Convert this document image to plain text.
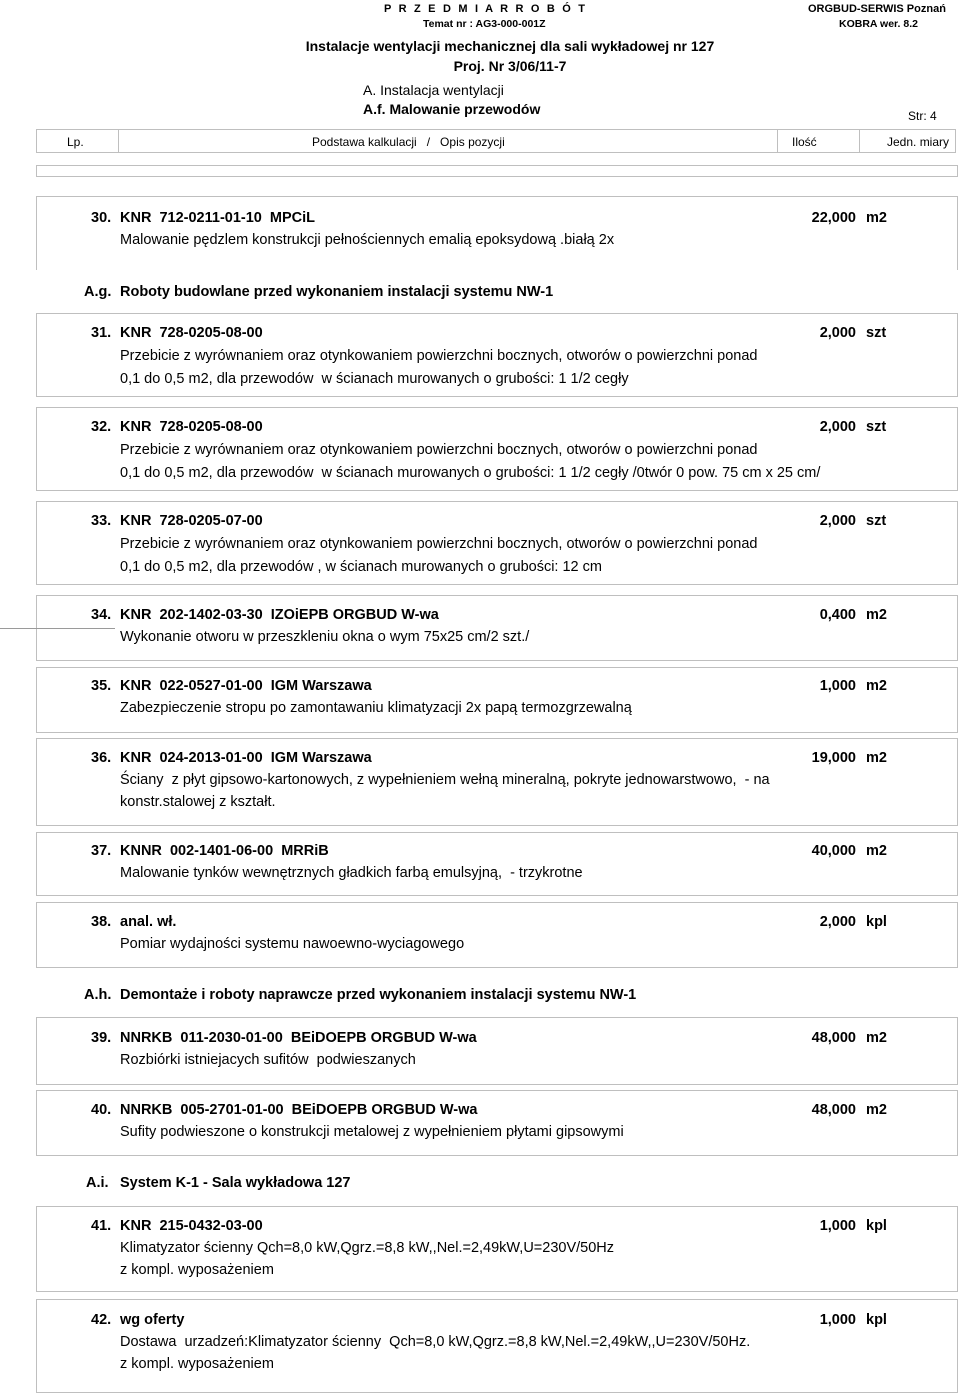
P R Z E D M I A R R O B Ó T	ORGBUD-SERWIS Poznań
Temat nr : AG3-000-001Z	KOBRA wer. 8.2
Instalacje wentylacji mechanicznej dla sali wykładowej nr 127
Proj. Nr 3/06/11-7
A. Instalacja wentylacji
A.f. Malowanie przewodów	Str: 4
Lp.	Podstawa kalkulacji   /   Opis pozycji	Ilość	Jedn. miary
30. KNR  712-0211-01-10  MPCiL	22,000 m2
Malowanie pędzlem konstrukcji pełnościennych emalią epoksydową .białą 2x
A.g. Roboty budowlane przed wykonaniem instalacji systemu NW-1
31. KNR  728-0205-08-00	2,000 szt
Przebicie z wyrównaniem oraz otynkowaniem powierzchni bocznych, otworów o powierzchni ponad
0,1 do 0,5 m2, dla przewodów  w ścianach murowanych o grubości: 1 1/2 cegły
32. KNR  728-0205-08-00	2,000 szt
Przebicie z wyrównaniem oraz otynkowaniem powierzchni bocznych, otworów o powierzchni ponad
0,1 do 0,5 m2, dla przewodów  w ścianach murowanych o grubości: 1 1/2 cegły /0twór 0 pow. 75 cm x 25 cm/
33. KNR  728-0205-07-00	2,000 szt
Przebicie z wyrównaniem oraz otynkowaniem powierzchni bocznych, otworów o powierzchni ponad
0,1 do 0,5 m2, dla przewodów , w ścianach murowanych o grubości: 12 cm
34. KNR  202-1402-03-30  IZOiEPB ORGBUD W-wa	0,400 m2
Wykonanie otworu w przeszkleniu okna o wym 75x25 cm/2 szt./
35. KNR  022-0527-01-00  IGM Warszawa	1,000 m2
Zabezpieczenie stropu po zamontawaniu klimatyzacji 2x papą termozgrzewalną
36. KNR  024-2013-01-00  IGM Warszawa	19,000 m2
Ściany  z płyt gipsowo-kartonowych, z wypełnieniem wełną mineralną, pokryte jednowarstwowo,  - na
konstr.stalowej z kształt.
37. KNNR  002-1401-06-00  MRRiB	40,000 m2
Malowanie tynków wewnętrznych gładkich farbą emulsyjną,  - trzykrotne
38. anal. wł.	2,000 kpl
Pomiar wydajności systemu nawoewno-wyciagowego
A.h. Demontaże i roboty naprawcze przed wykonaniem instalacji systemu NW-1
39. NNRKB  011-2030-01-00  BEiDOEPB ORGBUD W-wa	48,000 m2
Rozbiórki istniejacych sufitów  podwieszanych
40. NNRKB  005-2701-01-00  BEiDOEPB ORGBUD W-wa	48,000 m2
Sufity podwieszone o konstrukcji metalowej z wypełnieniem płytami gipsowymi
A.i. System K-1 - Sala wykładowa 127
41. KNR  215-0432-03-00	1,000 kpl
Klimatyzator ścienny Qch=8,0 kW,Qgrz.=8,8 kW,,Nel.=2,49kW,U=230V/50Hz
z kompl. wyposażeniem
42. wg oferty	1,000 kpl
Dostawa  urzadzeń:Klimatyzator ścienny  Qch=8,0 kW,Qgrz.=8,8 kW,Nel.=2,49kW,,U=230V/50Hz.
z kompl. wyposażeniem
